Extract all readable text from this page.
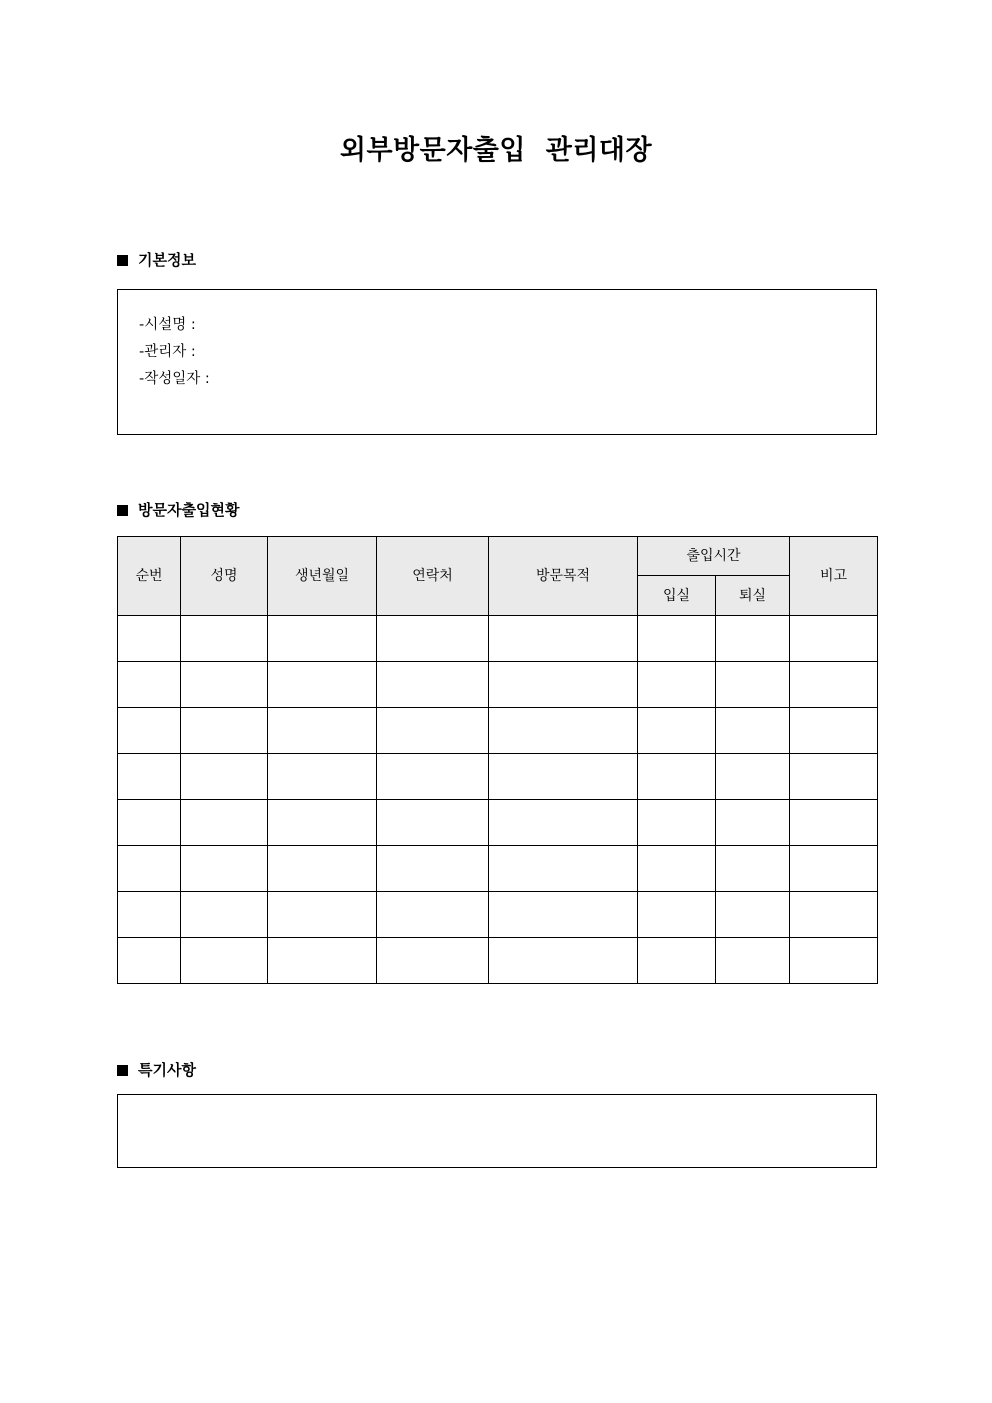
외부방문자출입  관리대장
기본정보
-시설명 :
-관리자 :
-작성일자 :
방문자출입현황
순번	성명	생년월일	연락처	방문목적	출입시간		비고
					입실	퇴실	

특기사항
